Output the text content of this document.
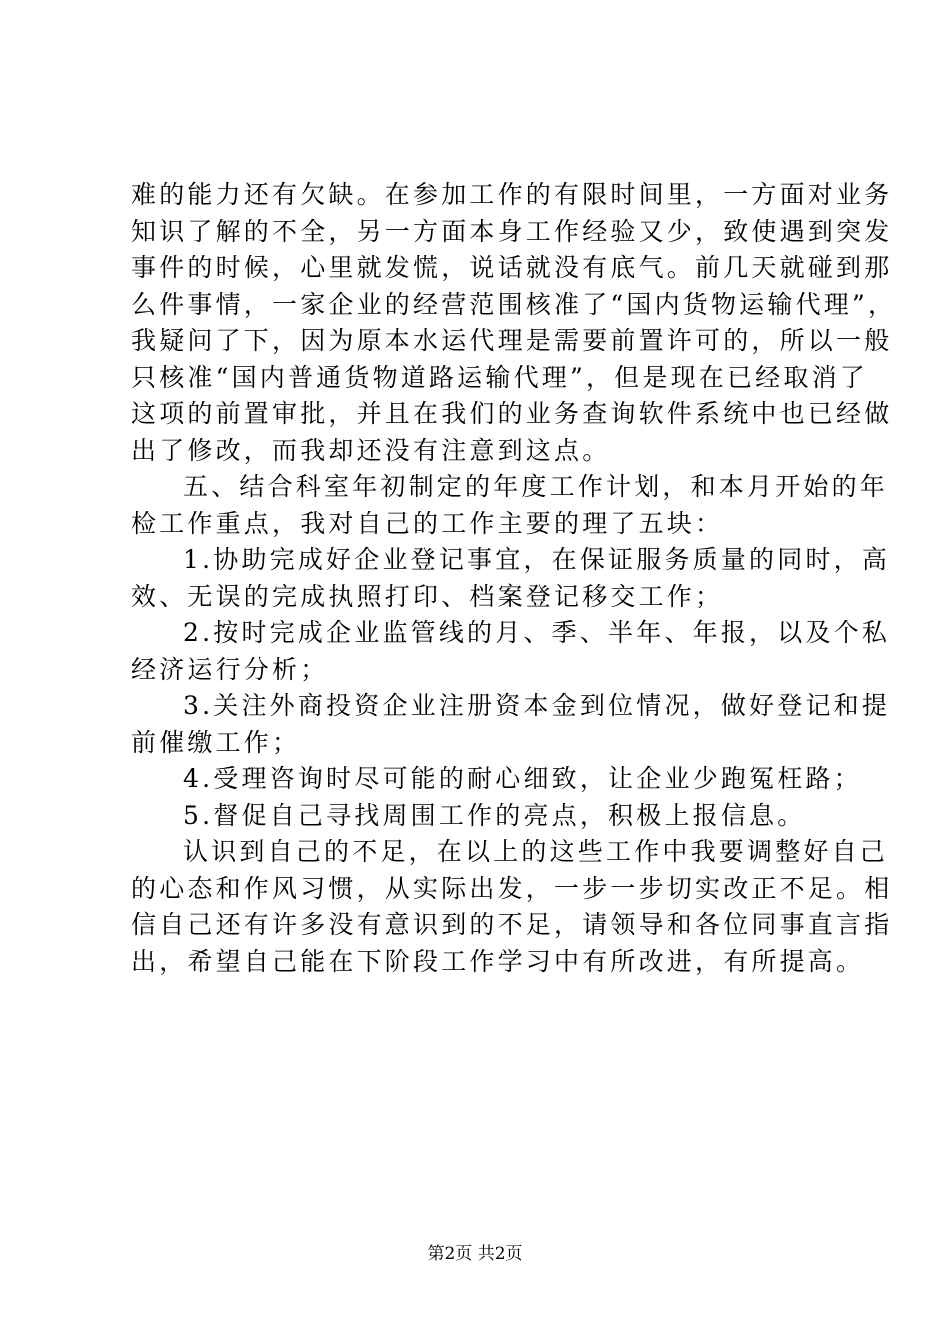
难的能力还有欠缺。在参加工作的有限时间里，一方面对业务
知识了解的不全，另一方面本身工作经验又少，致使遇到突发
事件的时候，心里就发慌，说话就没有底气。前几天就碰到那
么件事情，一家企业的经营范围核准了“国内货物运输代理”，
我疑问了下，因为原本水运代理是需要前置许可的，所以一般
只核准“国内普通货物道路运输代理”，但是现在已经取消了
这项的前置审批，并且在我们的业务查询软件系统中也已经做
出了修改，而我却还没有注意到这点。
五、结合科室年初制定的年度工作计划，和本月开始的年
检工作重点，我对自己的工作主要的理了五块：
1.协助完成好企业登记事宜，在保证服务质量的同时，高
效、无误的完成执照打印、档案登记移交工作；
2.按时完成企业监管线的月、季、半年、年报，以及个私
经济运行分析；
3.关注外商投资企业注册资本金到位情况，做好登记和提
前催缴工作；
4.受理咨询时尽可能的耐心细致，让企业少跑冤枉路；
5.督促自己寻找周围工作的亮点，积极上报信息。
认识到自己的不足，在以上的这些工作中我要调整好自己
的心态和作风习惯，从实际出发，一步一步切实改正不足。相
信自己还有许多没有意识到的不足，请领导和各位同事直言指
出，希望自己能在下阶段工作学习中有所改进，有所提高。
第2页 共2页
